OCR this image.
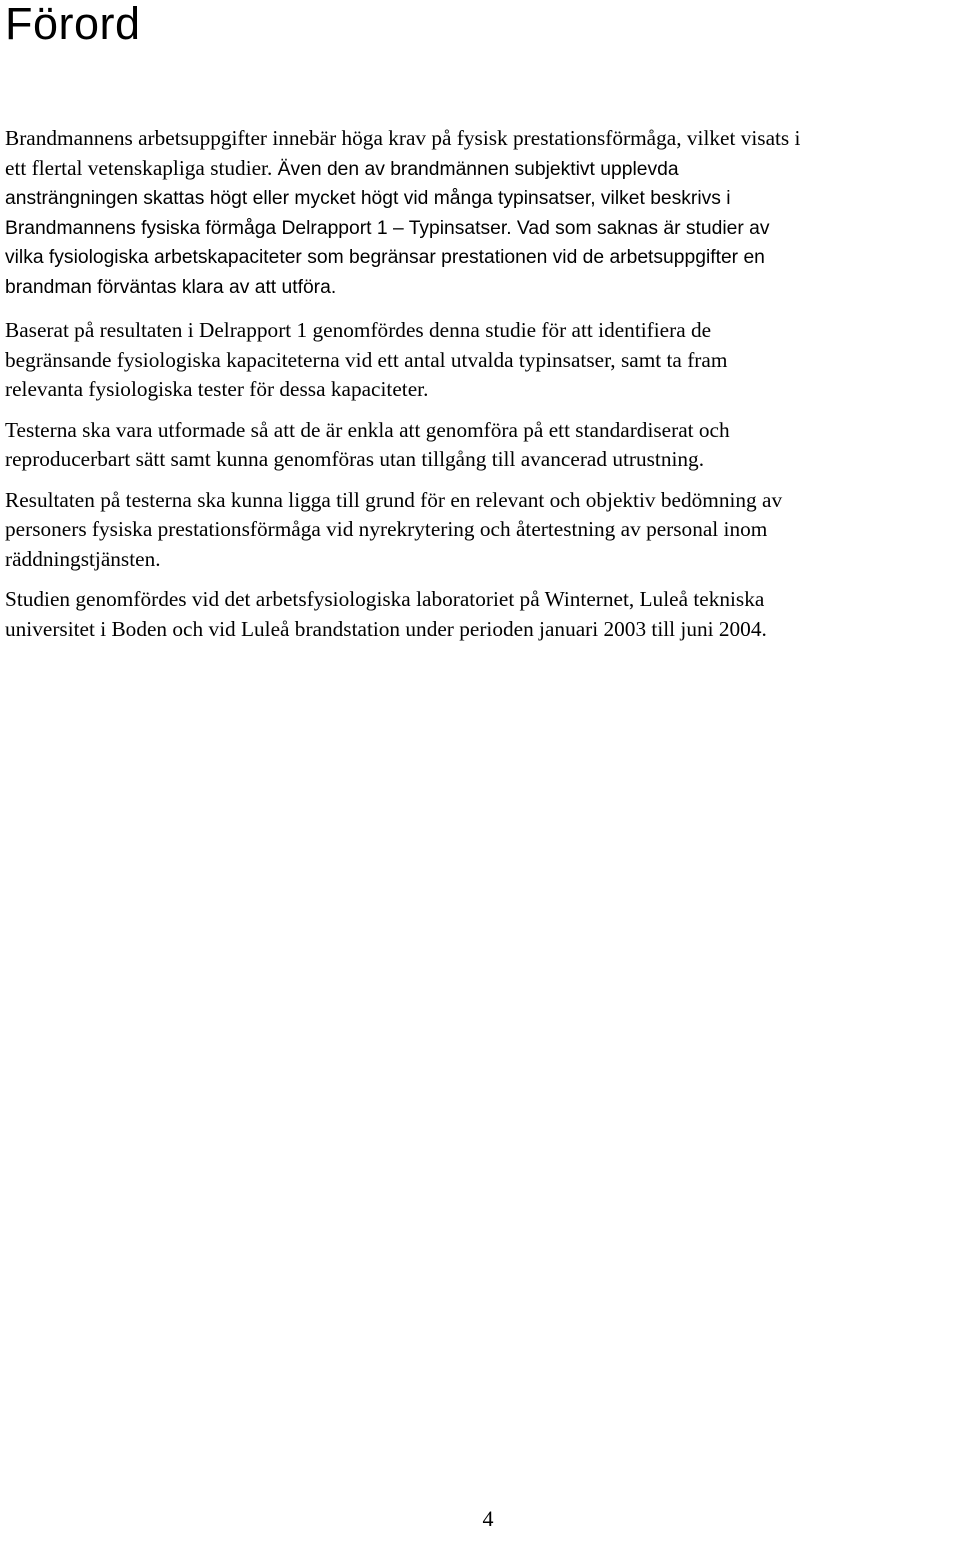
Förord

Brandmannens arbetsuppgifter innebär höga krav på fysisk prestationsförmåga, vilket visats i
ett flertal vetenskapliga studier. Även den av brandmännen subjektivt upplevda
ansträngningen skattas högt eller mycket högt vid många typinsatser, vilket beskrivs i
Brandmannens fysiska förmåga Delrapport 1 – Typinsatser. Vad som saknas är studier av
vilka fysiologiska arbetskapaciteter som begränsar prestationen vid de arbetsuppgifter en
brandman förväntas klara av att utföra.

Baserat på resultaten i Delrapport 1 genomfördes denna studie för att identifiera de
begränsande fysiologiska kapaciteterna vid ett antal utvalda typinsatser, samt ta fram
relevanta fysiologiska tester för dessa kapaciteter.

Testerna ska vara utformade så att de är enkla att genomföra på ett standardiserat och
reproducerbart sätt samt kunna genomföras utan tillgång till avancerad utrustning.

Resultaten på testerna ska kunna ligga till grund för en relevant och objektiv bedömning av
personers fysiska prestationsförmåga vid nyrekrytering och återtestning av personal inom
räddningstjänsten.

Studien genomfördes vid det arbetsfysiologiska laboratoriet på Winternet, Luleå tekniska
universitet i Boden och vid Luleå brandstation under perioden januari 2003 till juni 2004.

4
